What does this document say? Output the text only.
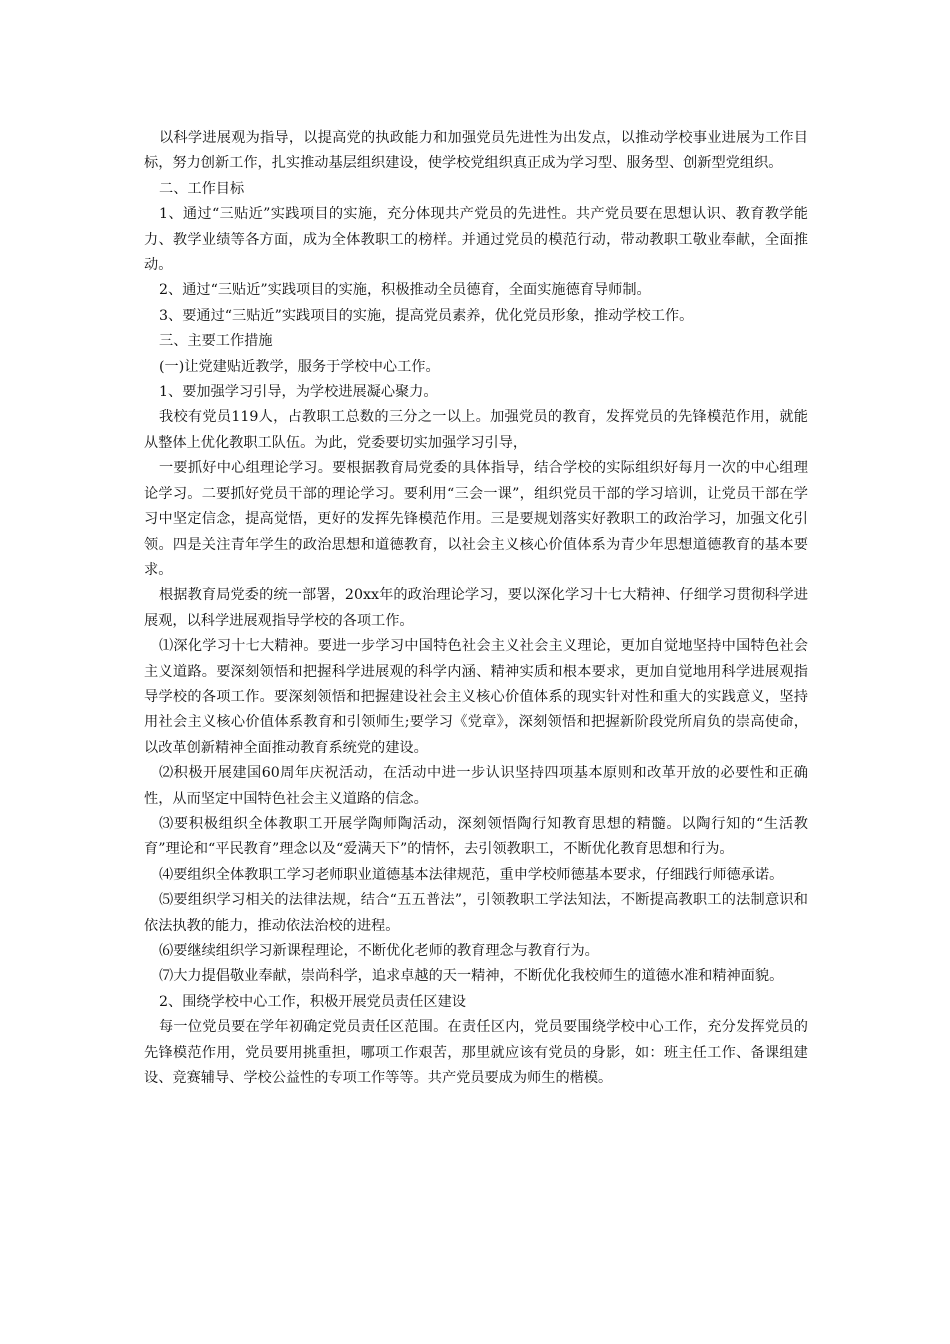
以科学进展观为指导，以提高党的执政能力和加强党员先进性为出发点，以推动学校事业进展为工作目标，努力创新工作，扎实推动基层组织建设，使学校党组织真正成为学习型、服务型、创新型党组织。

二、工作目标

1、通过“三贴近”实践项目的实施，充分体现共产党员的先进性。共产党员要在思想认识、教育教学能力、教学业绩等各方面，成为全体教职工的榜样。并通过党员的模范行动，带动教职工敬业奉献，全面推动。

2、通过“三贴近”实践项目的实施，积极推动全员德育，全面实施德育导师制。

3、要通过“三贴近”实践项目的实施，提高党员素养，优化党员形象，推动学校工作。

三、主要工作措施

(一)让党建贴近教学，服务于学校中心工作。

1、要加强学习引导，为学校进展凝心聚力。

我校有党员119人，占教职工总数的三分之一以上。加强党员的教育，发挥党员的先锋模范作用，就能从整体上优化教职工队伍。为此，党委要切实加强学习引导，

一要抓好中心组理论学习。要根据教育局党委的具体指导，结合学校的实际组织好每月一次的中心组理论学习。二要抓好党员干部的理论学习。要利用“三会一课”，组织党员干部的学习培训，让党员干部在学习中坚定信念，提高觉悟，更好的发挥先锋模范作用。三是要规划落实好教职工的政治学习，加强文化引领。四是关注青年学生的政治思想和道德教育，以社会主义核心价值体系为青少年思想道德教育的基本要求。

根据教育局党委的统一部署，20xx年的政治理论学习，要以深化学习十七大精神、仔细学习贯彻科学进展观，以科学进展观指导学校的各项工作。

⑴深化学习十七大精神。要进一步学习中国特色社会主义社会主义理论，更加自觉地坚持中国特色社会主义道路。要深刻领悟和把握科学进展观的科学内涵、精神实质和根本要求，更加自觉地用科学进展观指导学校的各项工作。要深刻领悟和把握建设社会主义核心价值体系的现实针对性和重大的实践意义，坚持用社会主义核心价值体系教育和引领师生;要学习《党章》，深刻领悟和把握新阶段党所肩负的崇高使命，以改革创新精神全面推动教育系统党的建设。

⑵积极开展建国60周年庆祝活动，在活动中进一步认识坚持四项基本原则和改革开放的必要性和正确性，从而坚定中国特色社会主义道路的信念。

⑶要积极组织全体教职工开展学陶师陶活动，深刻领悟陶行知教育思想的精髓。以陶行知的“生活教育”理论和“平民教育”理念以及“爱满天下”的情怀，去引领教职工，不断优化教育思想和行为。

⑷要组织全体教职工学习老师职业道德基本法律规范，重申学校师德基本要求，仔细践行师德承诺。

⑸要组织学习相关的法律法规，结合“五五普法”，引领教职工学法知法，不断提高教职工的法制意识和依法执教的能力，推动依法治校的进程。

⑹要继续组织学习新课程理论，不断优化老师的教育理念与教育行为。

⑺大力提倡敬业奉献，崇尚科学，追求卓越的天一精神，不断优化我校师生的道德水准和精神面貌。

2、围绕学校中心工作，积极开展党员责任区建设

每一位党员要在学年初确定党员责任区范围。在责任区内，党员要围绕学校中心工作，充分发挥党员的先锋模范作用，党员要用挑重担，哪项工作艰苦，那里就应该有党员的身影，如：班主任工作、备课组建设、竞赛辅导、学校公益性的专项工作等等。共产党员要成为师生的楷模。
